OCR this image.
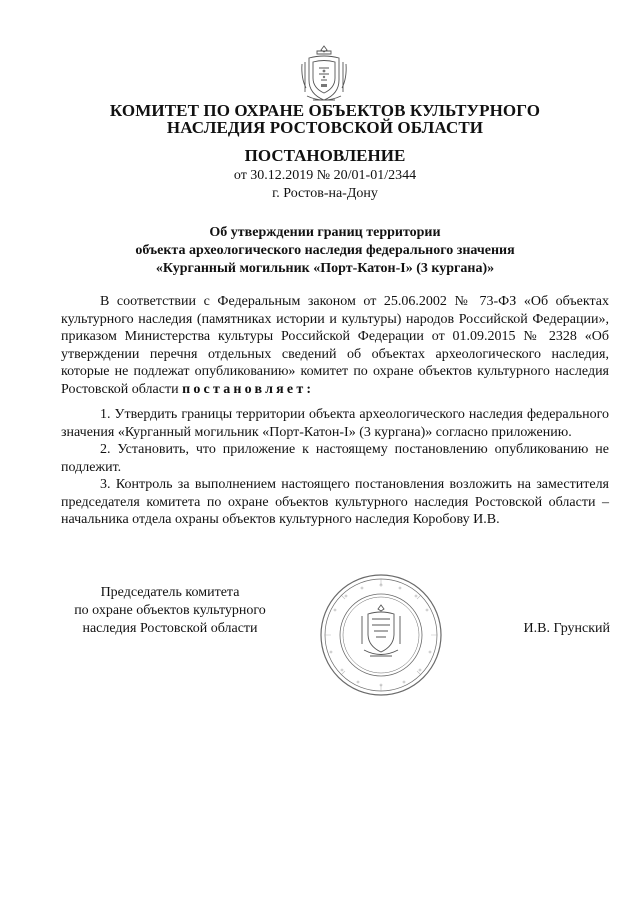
КОМИТЕТ ПО ОХРАНЕ ОБЪЕКТОВ КУЛЬТУРНОГО
НАСЛЕДИЯ РОСТОВСКОЙ ОБЛАСТИ
ПОСТАНОВЛЕНИЕ
от 30.12.2019 № 20/01-01/2344
г. Ростов-на-Дону
Об утверждении границ территории
объекта археологического наследия федерального значения
«Курганный могильник «Порт-Катон-I» (3 кургана)»

В соответствии с Федеральным законом от 25.06.2002 № 73-ФЗ «Об объектах культурного наследия (памятниках истории и культуры) народов Российской Федерации», приказом Министерства культуры Российской Федерации от 01.09.2015 № 2328 «Об утверждении перечня отдельных сведений об объектах археологического наследия, которые не подлежат опубликованию» комитет по охране объектов культурного наследия Ростовской области постановляет:

1. Утвердить границы территории объекта археологического наследия федерального значения «Курганный могильник «Порт-Катон-I» (3 кургана)» согласно приложению.

2. Установить, что приложение к настоящему постановлению опубликованию не подлежит.

3. Контроль за выполнением настоящего постановления возложить на заместителя председателя комитета по охране объектов культурного наследия Ростовской области – начальника отдела охраны объектов культурного наследия Коробову И.В.

Председатель комитета
по охране объектов культурного
наследия Ростовской области	И.В. Грунский
